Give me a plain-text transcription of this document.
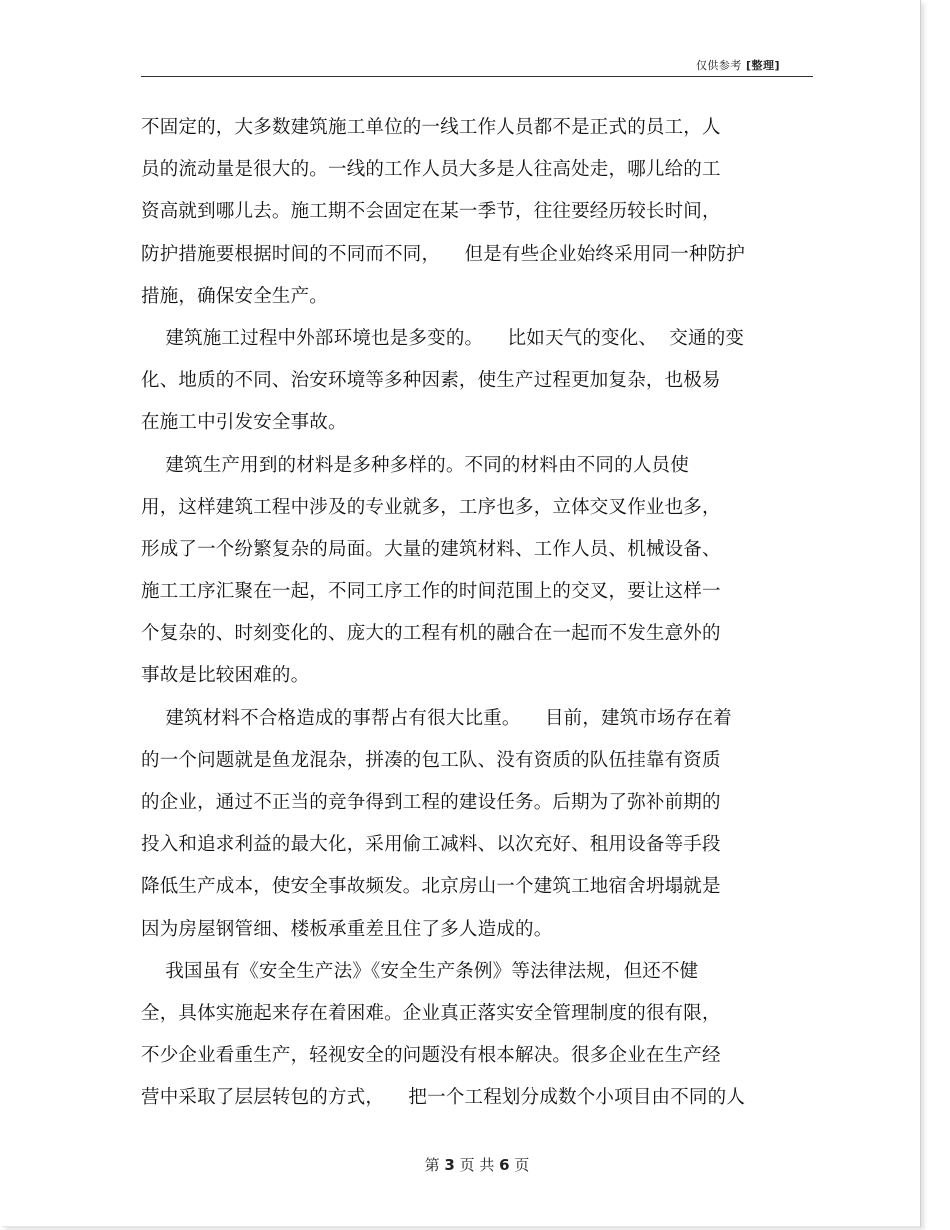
仅供参考 [整理]
不固定的，大多数建筑施工单位的一线工作人员都不是正式的员工，人
员的流动量是很大的。一线的工作人员大多是人往高处走，哪儿给的工
资高就到哪儿去。施工期不会固定在某一季节，往往要经历较长时间，
防护措施要根据时间的不同而不同，    但是有些企业始终采用同一种防护
措施，确保安全生产。
建筑施工过程中外部环境也是多变的。    比如天气的变化、  交通的变
化、地质的不同、治安环境等多种因素，使生产过程更加复杂，也极易
在施工中引发安全事故。
建筑生产用到的材料是多种多样的。不同的材料由不同的人员使
用，这样建筑工程中涉及的专业就多，工序也多，立体交叉作业也多，
形成了一个纷繁复杂的局面。大量的建筑材料、工作人员、机械设备、
施工工序汇聚在一起，不同工序工作的时间范围上的交叉，要让这样一
个复杂的、时刻变化的、庞大的工程有机的融合在一起而不发生意外的
事故是比较困难的。
建筑材料不合格造成的事帮占有很大比重。    目前，建筑市场存在着
的一个问题就是鱼龙混杂，拼凑的包工队、没有资质的队伍挂靠有资质
的企业，通过不正当的竞争得到工程的建设任务。后期为了弥补前期的
投入和追求利益的最大化，采用偷工减料、以次充好、租用设备等手段
降低生产成本，使安全事故频发。北京房山一个建筑工地宿舍坍塌就是
因为房屋钢管细、楼板承重差且住了多人造成的。
我国虽有《安全生产法》《安全生产条例》等法律法规，但还不健
全，具体实施起来存在着困难。企业真正落实安全管理制度的很有限，
不少企业看重生产，轻视安全的问题没有根本解决。很多企业在生产经
营中采取了层层转包的方式，    把一个工程划分成数个小项目由不同的人
第 3 页 共 6 页
